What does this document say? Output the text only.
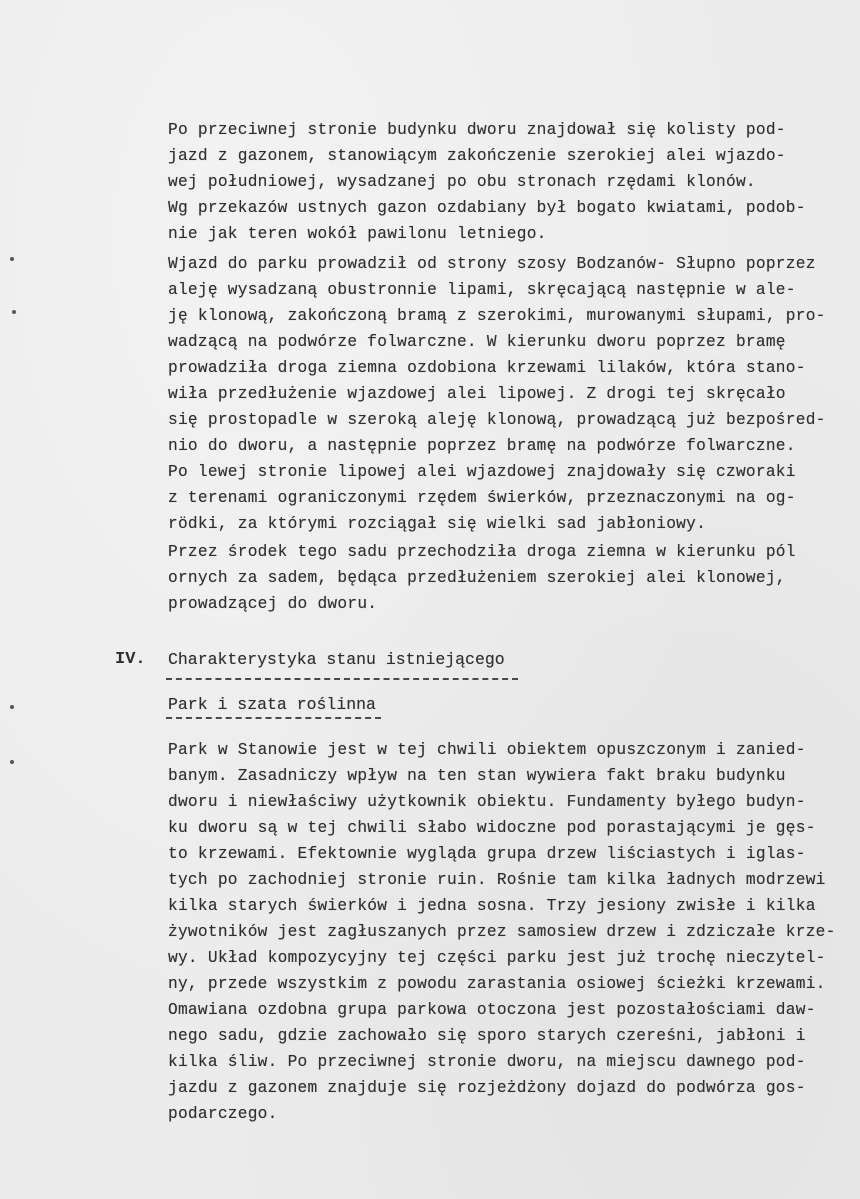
Po przeciwnej stronie budynku dworu znajdował się kolisty pod-
jazd z gazonem, stanowiącym zakończenie szerokiej alei wjazdo-
wej południowej, wysadzanej po obu stronach rzędami klonów.
Wg przekazów ustnych gazon ozdabiany był bogato kwiatami, podob-
nie jak teren wokół pawilonu letniego.
Wjazd do parku prowadził od strony szosy Bodzanów- Słupno poprzez
aleję wysadzaną obustronnie lipami, skręcającą następnie w ale-
ję klonową, zakończoną bramą z szerokimi, murowanymi słupami, pro-
wadzącą na podwórze folwarczne. W kierunku dworu poprzez bramę
prowadziła droga ziemna ozdobiona krzewami lilaków, która stano-
wiła przedłużenie wjazdowej alei lipowej. Z drogi tej skręcało
się prostopadle w szeroką aleję klonową, prowadzącą już bezpośred-
nio do dworu, a następnie poprzez bramę na podwórze folwarczne.
Po lewej stronie lipowej alei wjazdowej znajdowały się czworaki
z terenami ograniczonymi rzędem świerków, przeznaczonymi na og-
rödki, za którymi rozciągał się wielki sad jabłoniowy.
Przez środek tego sadu przechodziła droga ziemna w kierunku pól
ornych za sadem, będąca przedłużeniem szerokiej alei klonowej,
prowadzącej do dworu.
IV. Charakterystyka stanu istniejącego
Park i szata roślinna
Park w Stanowie jest w tej chwili obiektem opuszczonym i zanied-
banym. Zasadniczy wpływ na ten stan wywiera fakt braku budynku
dworu i niewłaściwy użytkownik obiektu. Fundamenty byłego budyn-
ku dworu są w tej chwili słabo widoczne pod porastającymi je gęs-
to krzewami. Efektownie wygląda grupa drzew liściastych i iglas-
tych po zachodniej stronie ruin. Rośnie tam kilka ładnych modrzewi
kilka starych świerków i jedna sosna. Trzy jesiony zwisłe i kilka
żywotników jest zagłuszanych przez samosiew drzew i zdziczałe krze-
wy. Układ kompozycyjny tej części parku jest już trochę nieczytel-
ny, przede wszystkim z powodu zarastania osiowej ścieżki krzewami.
Omawiana ozdobna grupa parkowa otoczona jest pozostałościami daw-
nego sadu, gdzie zachowało się sporo starych czereśni, jabłoni i
kilka śliw. Po przeciwnej stronie dworu, na miejscu dawnego pod-
jazdu z gazonem znajduje się rozjeżdżony dojazd do podwórza gos-
podarczego.
